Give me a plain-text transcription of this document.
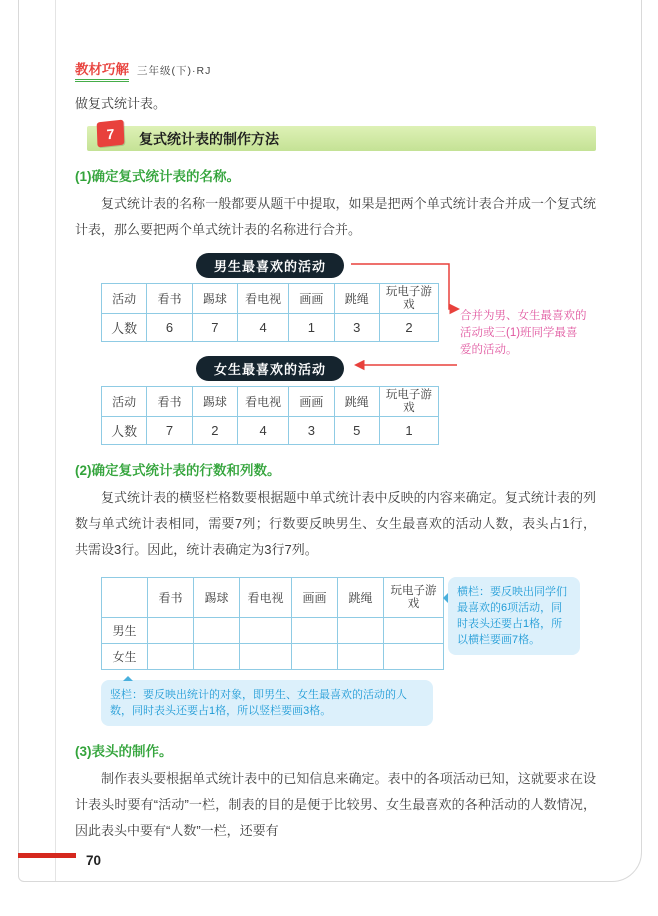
教材巧解 三年级(下)·RJ

做复式统计表。

7	复式统计表的制作方法
(1)确定复式统计表的名称。

复式统计表的名称一般都要从题干中提取，如果是把两个单式统计表合并成一个复式统计表，那么要把两个单式统计表的名称进行合并。

男生最喜欢的活动
活动	看书	踢球	看电视	画画	跳绳	玩电子游戏
人数	6	7	4	1	3	2
女生最喜欢的活动
活动	看书	踢球	看电视	画画	跳绳	玩电子游戏
人数	7	2	4	3	5	1
合并为男、女生最喜欢的活动或三(1)班同学最喜爱的活动。
(2)确定复式统计表的行数和列数。

复式统计表的横竖栏格数要根据题中单式统计表中反映的内容来确定。复式统计表的列数与单式统计表相同，需要7列；行数要反映男生、女生最喜欢的活动人数，表头占1行，共需设3行。因此，统计表确定为3行7列。

	看书	踢球	看电视	画画	跳绳	玩电子游戏
男生						
女生						
横栏：要反映出同学们最喜欢的6项活动，同时表头还要占1格，所以横栏要画7格。
竖栏：要反映出统计的对象，即男生、女生最喜欢的活动的人数，同时表头还要占1格，所以竖栏要画3格。
(3)表头的制作。

制作表头要根据单式统计表中的已知信息来确定。表中的各项活动已知，这就要求在设计表头时要有“活动”一栏，制表的目的是便于比较男、女生最喜欢的各种活动的人数情况，因此表头中要有“人数”一栏，还要有

70
